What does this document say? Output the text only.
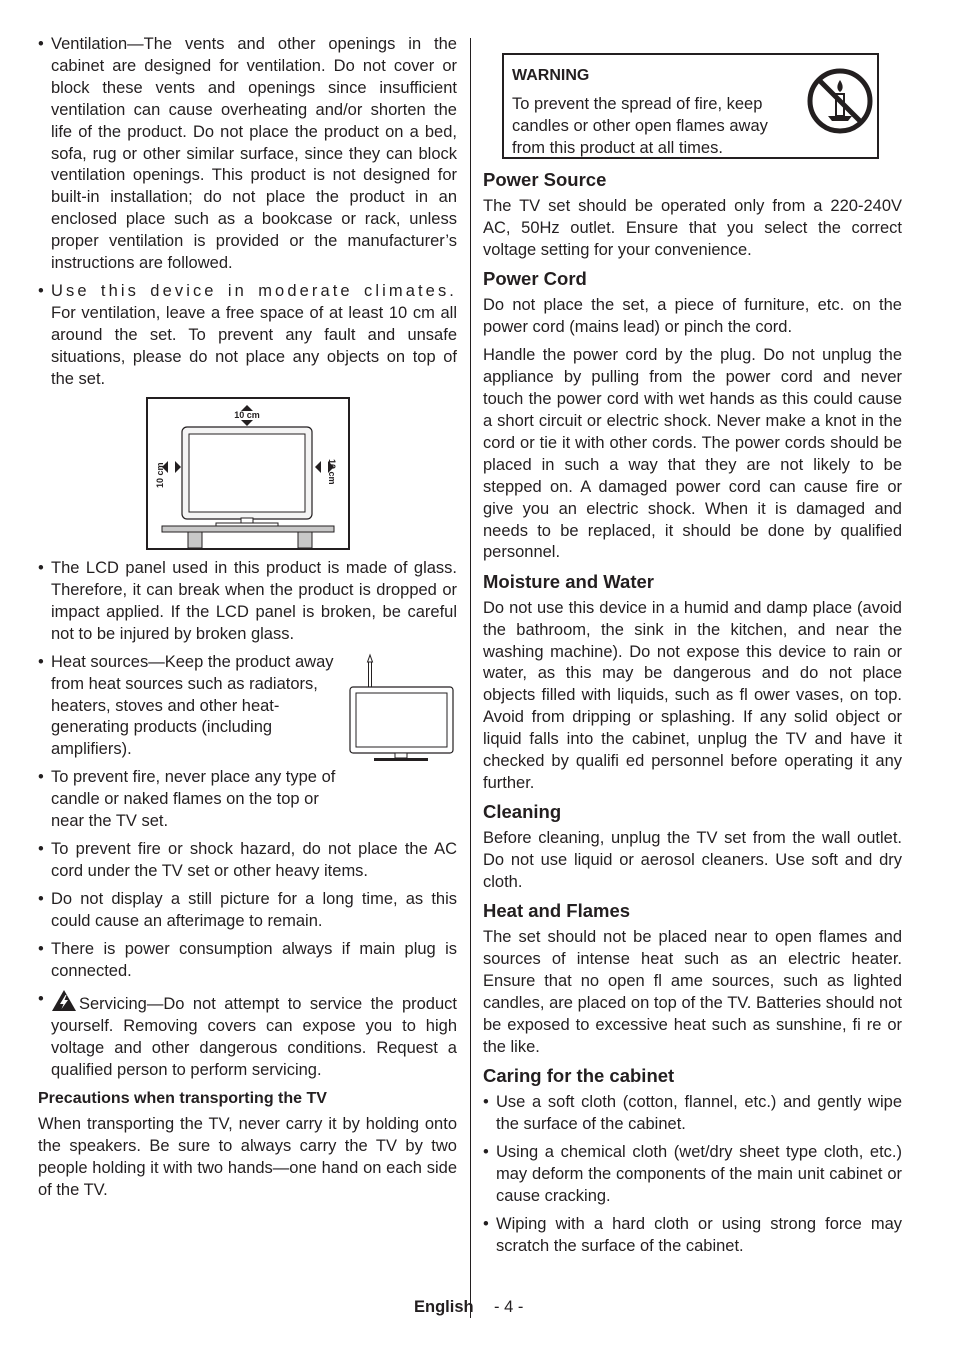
• Ventilation—The vents and other openings in the cabinet are designed for ventilation. Do not cover or block these vents and openings since insufficient ventilation can cause overheating and/or shorten the life of the product. Do not place the product on a bed, sofa, rug or other similar surface, since they can block ventilation openings. This product is not designed for built-in installation; do not place the product in an enclosed place such as a bookcase or rack, unless proper ventilation is provided or the manufacturer’s instructions are followed.
• Use this device in moderate climates. For ventilation, leave a free space of at least 10 cm all around the set. To prevent any fault and unsafe situations, please do not place any objects on top of the set.
10 cm
10 cm	10 cm
• The LCD panel used in this product is made of glass. Therefore, it can break when the product is dropped or impact applied. If the LCD panel is broken, be careful not to be injured by broken glass.
• Heat sources—Keep the product away from heat sources such as radiators, heaters, stoves and other heat-generating products (including amplifiers).
• To prevent fire, never place any type of candle or naked flames on the top or near the TV set.
• To prevent fire or shock hazard, do not place the AC cord under the TV set or other heavy items.
• Do not display a still picture for a long time, as this could cause an afterimage to remain.
• There is power consumption always if main plug is connected.
• Servicing—Do not attempt to service the product yourself. Removing covers can expose you to high voltage and other dangerous conditions. Request a qualified person to perform servicing.
Precautions when transporting the TV

When transporting the TV, never carry it by holding onto the speakers. Be sure to always carry the TV by two people holding it with two hands—one hand on each side of the TV.

WARNING
To prevent the spread of fire, keep candles or other open flames away from this product at all times.
Power Source

The TV set should be operated only from a 220-240V AC, 50Hz outlet. Ensure that you select the correct voltage setting for your convenience.

Power Cord

Do not place the set, a piece of furniture, etc. on the power cord (mains lead) or pinch the cord.

Handle the power cord by the plug. Do not unplug the appliance by pulling from the power cord and never touch the power cord with wet hands as this could cause a short circuit or electric shock. Never make a knot in the cord or tie it with other cords. The power cords should be placed in such a way that they are not likely to be stepped on. A damaged power cord can cause fire or give you an electric shock. When it is damaged and needs to be replaced, it should be done by qualified personnel.

Moisture and Water

Do not use this device in a humid and damp place (avoid the bathroom, the sink in the kitchen, and near the washing machine). Do not expose this device to rain or water, as this may be dangerous and do not place objects filled with liquids, such as fl ower vases, on top. Avoid from dripping or splashing. If any solid object or liquid falls into the cabinet, unplug the TV and have it checked by qualifi ed personnel before operating it any further.

Cleaning

Before cleaning, unplug the TV set from the wall outlet. Do not use liquid or aerosol cleaners. Use soft and dry cloth.

Heat and Flames

The set should not be placed near to open flames and sources of intense heat such as an electric heater. Ensure that no open fl ame sources, such as lighted candles, are placed on top of the TV. Batteries should not be exposed to excessive heat such as sunshine, fi re or the like.

Caring for the cabinet
• Use a soft cloth (cotton, flannel, etc.) and gently wipe the surface of the cabinet.
• Using a chemical cloth (wet/dry sheet type cloth, etc.) may deform the components of the main unit cabinet or cause cracking.
• Wiping with a hard cloth or using strong force may scratch the surface of the cabinet.
English - 4 -
